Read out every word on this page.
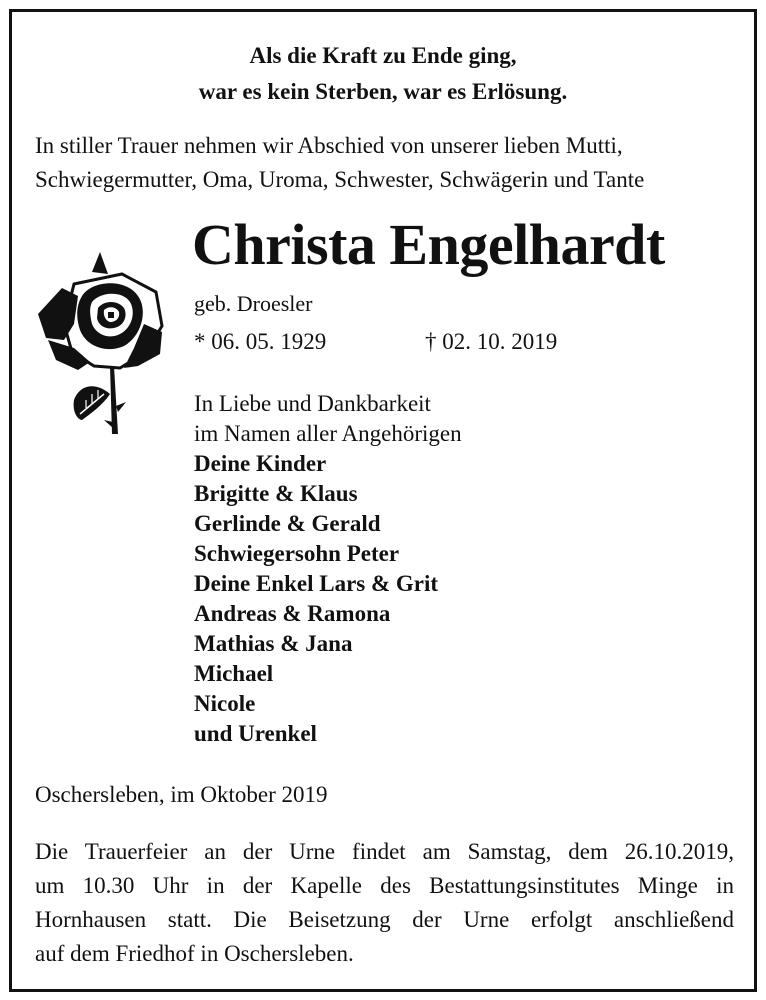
Als die Kraft zu Ende ging,
war es kein Sterben, war es Erlösung.
In stiller Trauer nehmen wir Abschied von unserer lieben Mutti,
Schwiegermutter, Oma, Uroma, Schwester, Schwägerin und Tante
Christa Engelhardt
geb. Droesler
* 06. 05. 1929	† 02. 10. 2019
In Liebe und Dankbarkeit
im Namen aller Angehörigen
Deine Kinder
Brigitte & Klaus
Gerlinde & Gerald
Schwiegersohn Peter
Deine Enkel Lars & Grit
Andreas & Ramona
Mathias & Jana
Michael
Nicole
und Urenkel
Oschersleben, im Oktober 2019
Die Trauerfeier an der Urne findet am Samstag, dem 26.10.2019,
um 10.30 Uhr in der Kapelle des Bestattungsinstitutes Minge in
Hornhausen statt. Die Beisetzung der Urne erfolgt anschließend
auf dem Friedhof in Oschersleben.
